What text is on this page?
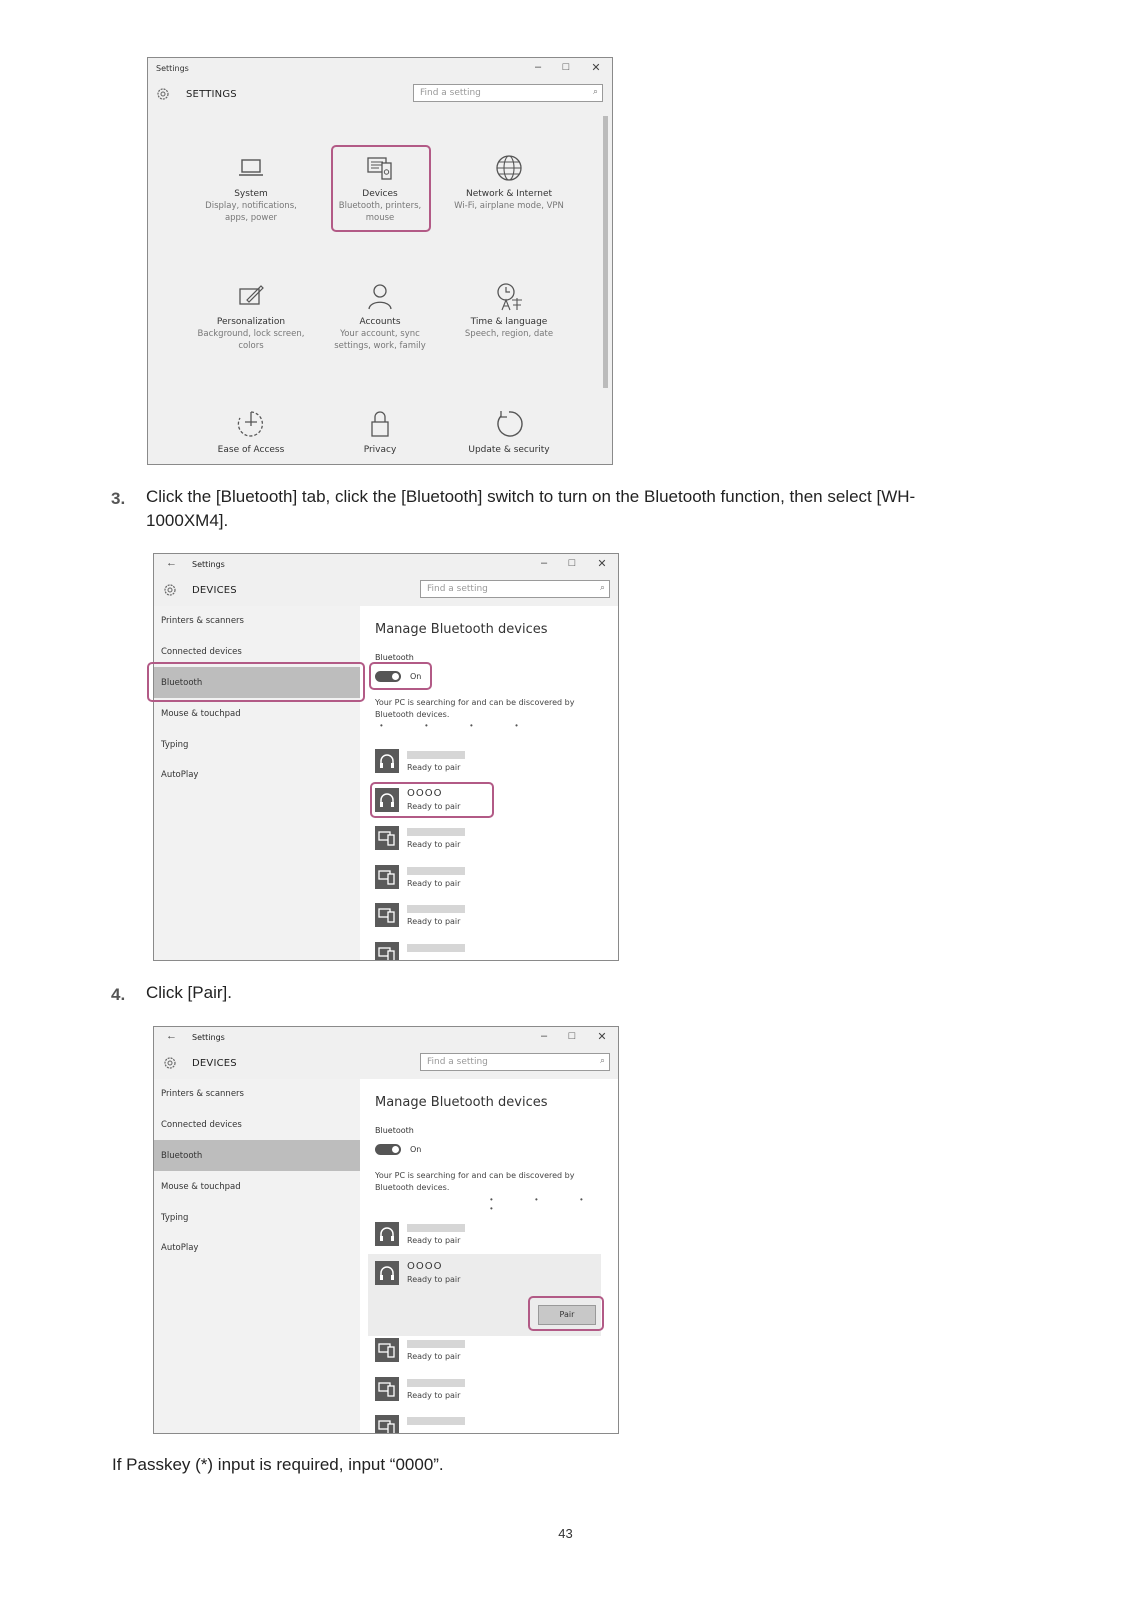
Settings	–	□	✕
SETTINGS	Find a setting	⌕
System
Display, notifications, apps, power
Devices
Bluetooth, printers, mouse
Network & Internet
Wi-Fi, airplane mode, VPN
Personalization
Background, lock screen, colors
Accounts
Your account, sync settings, work, family
Time & language
Speech, region, date
Ease of Access	Privacy	Update & security
3. Click the [Bluetooth] tab, click the [Bluetooth] switch to turn on the Bluetooth function, then select [WH-1000XM4].
← Settings	–	□	✕
DEVICES	Find a setting	⌕
Printers & scanners
Connected devices
Bluetooth
Mouse & touchpad
Typing
AutoPlay
Manage Bluetooth devices
Bluetooth
On
Your PC is searching for and can be discovered by Bluetooth devices.
• • • •
Ready to pair
OOOO
Ready to pair
Ready to pair
Ready to pair
Ready to pair
4. Click [Pair].
← Settings	–	□	✕
DEVICES	Find a setting	⌕
Printers & scanners
Connected devices
Bluetooth
Mouse & touchpad
Typing
AutoPlay
Manage Bluetooth devices
Bluetooth
On
Your PC is searching for and can be discovered by Bluetooth devices.
• • • •
Ready to pair
OOOO
Ready to pair
Pair
Ready to pair
Ready to pair
If Passkey (*) input is required, input “0000”.
43
